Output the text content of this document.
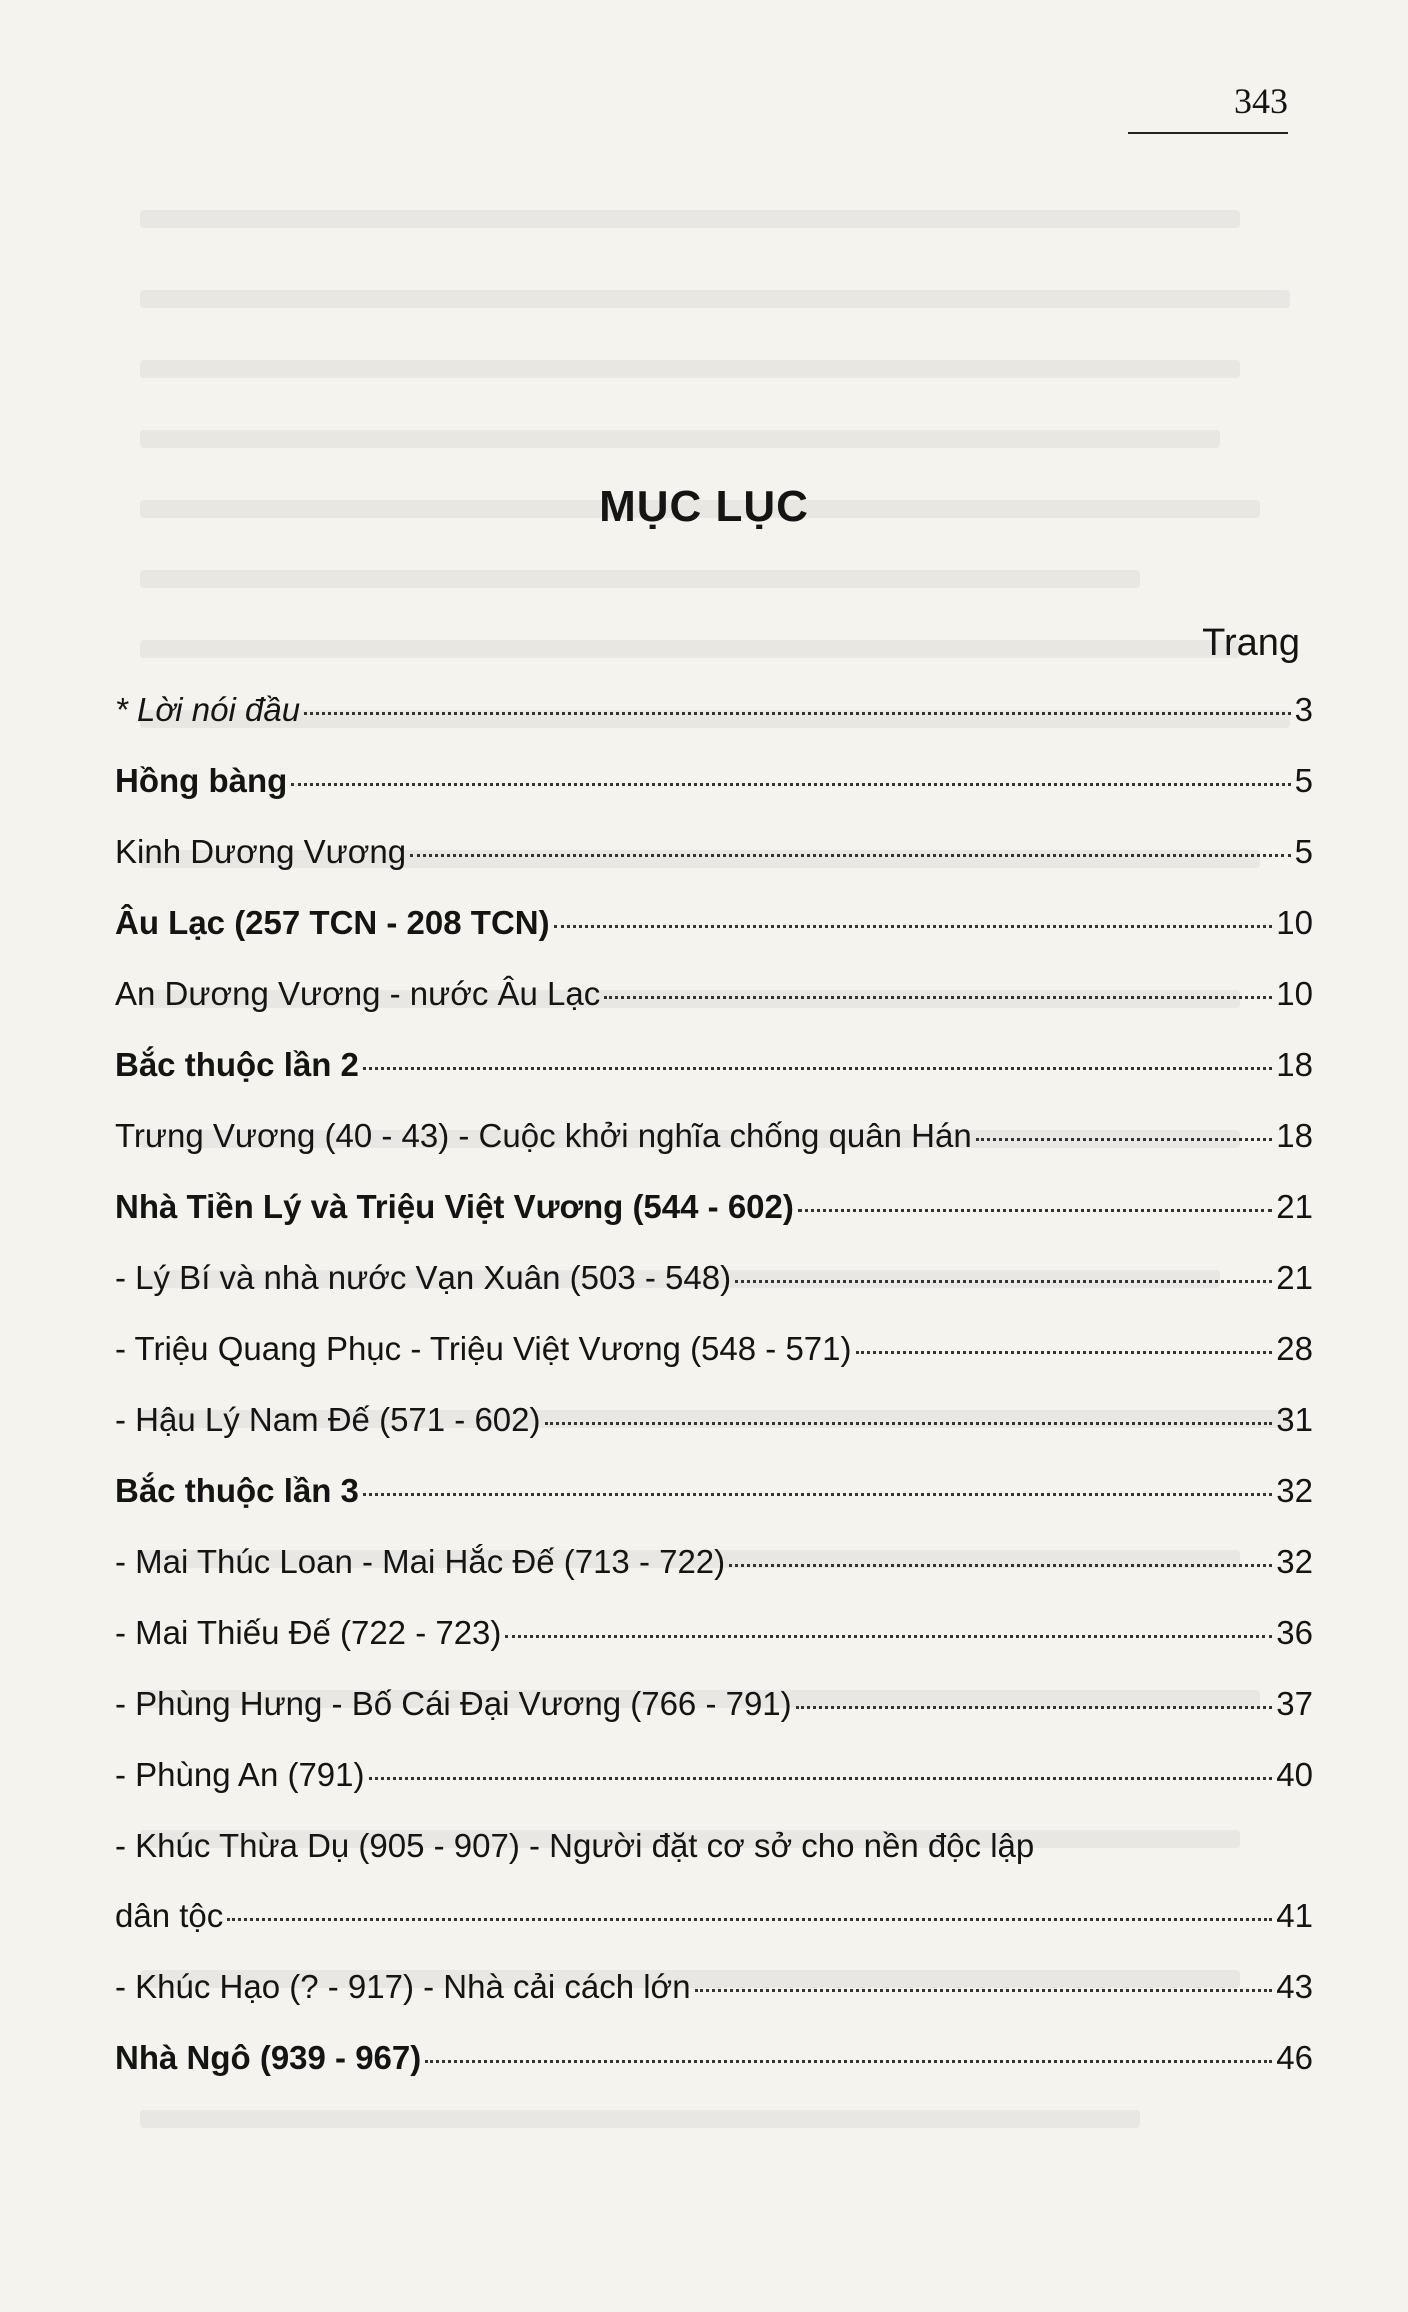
343
MỤC LỤC
Trang
* Lời nói đầu	3
Hồng bàng	5
Kinh Dương Vương	5
Âu Lạc (257 TCN - 208 TCN)	10
An Dương Vương - nước Âu Lạc	10
Bắc thuộc lần 2	18
Trưng Vương (40 - 43) - Cuộc khởi nghĩa chống quân Hán	18
Nhà Tiền Lý và Triệu Việt Vương (544 - 602)	21
- Lý Bí và nhà nước Vạn Xuân (503 - 548)	21
- Triệu Quang Phục - Triệu Việt Vương (548 - 571)	28
- Hậu Lý Nam Đế (571 - 602)	31
Bắc thuộc lần 3	32
- Mai Thúc Loan - Mai Hắc Đế (713 - 722)	32
- Mai Thiếu Đế (722 - 723)	36
- Phùng Hưng - Bố Cái Đại Vương (766 - 791)	37
- Phùng An (791)	40
- Khúc Thừa Dụ (905 - 907) - Người đặt cơ sở cho nền độc lập
dân tộc	41
- Khúc Hạo (? - 917) - Nhà cải cách lớn	43
Nhà Ngô (939 - 967)	46
